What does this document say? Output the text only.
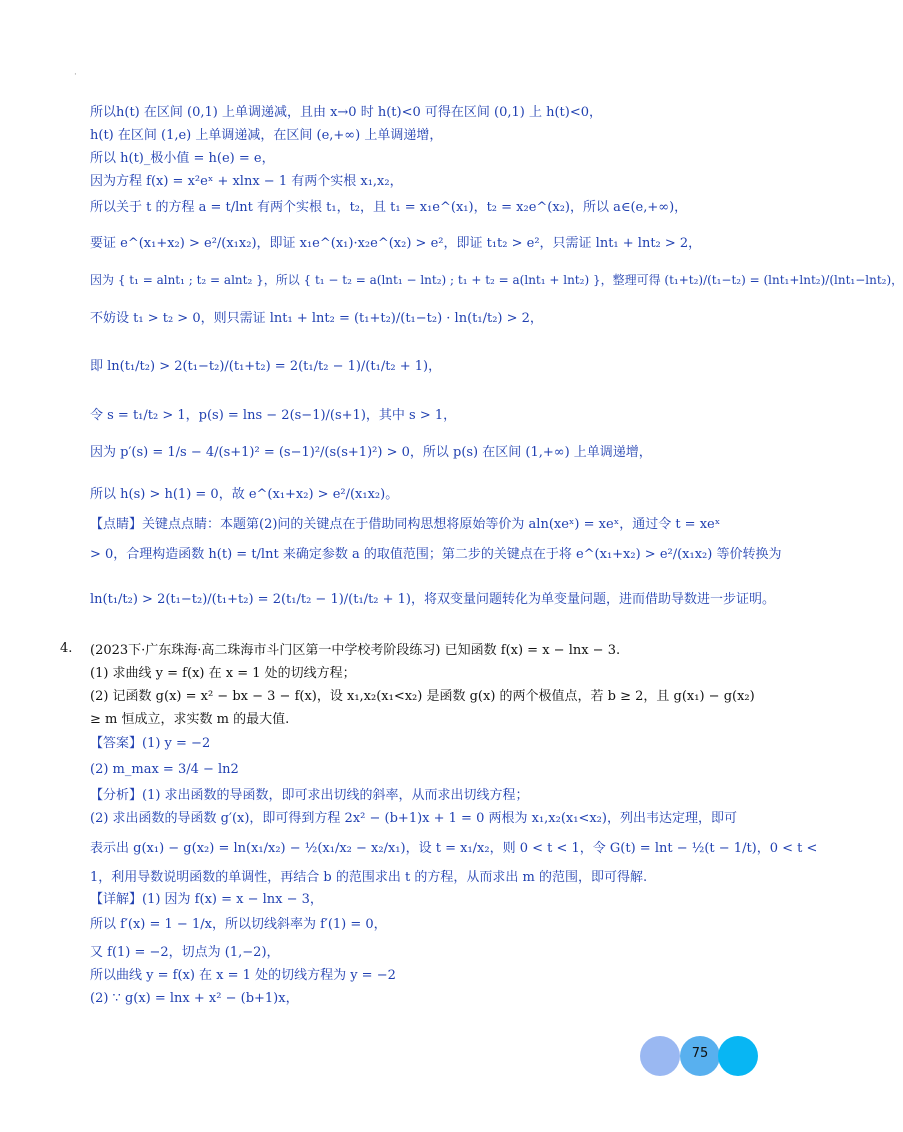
·
所以h(t) 在区间 (0,1) 上单调递减，且由 x→0 时 h(t)<0 可得在区间 (0,1) 上 h(t)<0，
h(t) 在区间 (1,e) 上单调递减，在区间 (e,+∞) 上单调递增，
所以 h(t)_极小值 = h(e) = e，
因为方程 f(x) = x²eˣ + xlnx − 1 有两个实根 x₁,x₂，
所以关于 t 的方程 a = t/lnt 有两个实根 t₁，t₂，且 t₁ = x₁e^(x₁)，t₂ = x₂e^(x₂)，所以 a∈(e,+∞)，
要证 e^(x₁+x₂) > e²/(x₁x₂)，即证 x₁e^(x₁)·x₂e^(x₂) > e²，即证 t₁t₂ > e²，只需证 lnt₁ + lnt₂ > 2，
因为 { t₁ = alnt₁ ; t₂ = alnt₂ }，所以 { t₁ − t₂ = a(lnt₁ − lnt₂) ; t₁ + t₂ = a(lnt₁ + lnt₂) }，整理可得 (t₁+t₂)/(t₁−t₂) = (lnt₁+lnt₂)/(lnt₁−lnt₂)，
不妨设 t₁ > t₂ > 0，则只需证 lnt₁ + lnt₂ = (t₁+t₂)/(t₁−t₂) · ln(t₁/t₂) > 2，
即 ln(t₁/t₂) > 2(t₁−t₂)/(t₁+t₂) = 2(t₁/t₂ − 1)/(t₁/t₂ + 1)，
令 s = t₁/t₂ > 1，p(s) = lns − 2(s−1)/(s+1)，其中 s > 1，
因为 p′(s) = 1/s − 4/(s+1)² = (s−1)²/(s(s+1)²) > 0，所以 p(s) 在区间 (1,+∞) 上单调递增，
所以 h(s) > h(1) = 0，故 e^(x₁+x₂) > e²/(x₁x₂)。
【点睛】关键点点睛：本题第(2)问的关键点在于借助同构思想将原始等价为 aln(xeˣ) = xeˣ，通过令 t = xeˣ
> 0，合理构造函数 h(t) = t/lnt 来确定参数 a 的取值范围；第二步的关键点在于将 e^(x₁+x₂) > e²/(x₁x₂) 等价转换为
ln(t₁/t₂) > 2(t₁−t₂)/(t₁+t₂) = 2(t₁/t₂ − 1)/(t₁/t₂ + 1)，将双变量问题转化为单变量问题，进而借助导数进一步证明。
4. (2023下·广东珠海·高二珠海市斗门区第一中学校考阶段练习) 已知函数 f(x) = x − lnx − 3.
(1) 求曲线 y = f(x) 在 x = 1 处的切线方程；
(2) 记函数 g(x) = x² − bx − 3 − f(x)，设 x₁,x₂(x₁<x₂) 是函数 g(x) 的两个极值点，若 b ≥ 2，且 g(x₁) − g(x₂)
≥ m 恒成立，求实数 m 的最大值.
【答案】(1) y = −2
(2) m_max = 3/4 − ln2
【分析】(1) 求出函数的导函数，即可求出切线的斜率，从而求出切线方程；
(2) 求出函数的导函数 g′(x)，即可得到方程 2x² − (b+1)x + 1 = 0 两根为 x₁,x₂(x₁<x₂)，列出韦达定理，即可
表示出 g(x₁) − g(x₂) = ln(x₁/x₂) − ½(x₁/x₂ − x₂/x₁)，设 t = x₁/x₂，则 0 < t < 1，令 G(t) = lnt − ½(t − 1/t)，0 < t <
1，利用导数说明函数的单调性，再结合 b 的范围求出 t 的方程，从而求出 m 的范围，即可得解.
【详解】(1) 因为 f(x) = x − lnx − 3，
所以 f′(x) = 1 − 1/x，所以切线斜率为 f′(1) = 0，
又 f(1) = −2，切点为 (1,−2)，
所以曲线 y = f(x) 在 x = 1 处的切线方程为 y = −2
(2) ∵ g(x) = lnx + x² − (b+1)x，
75
